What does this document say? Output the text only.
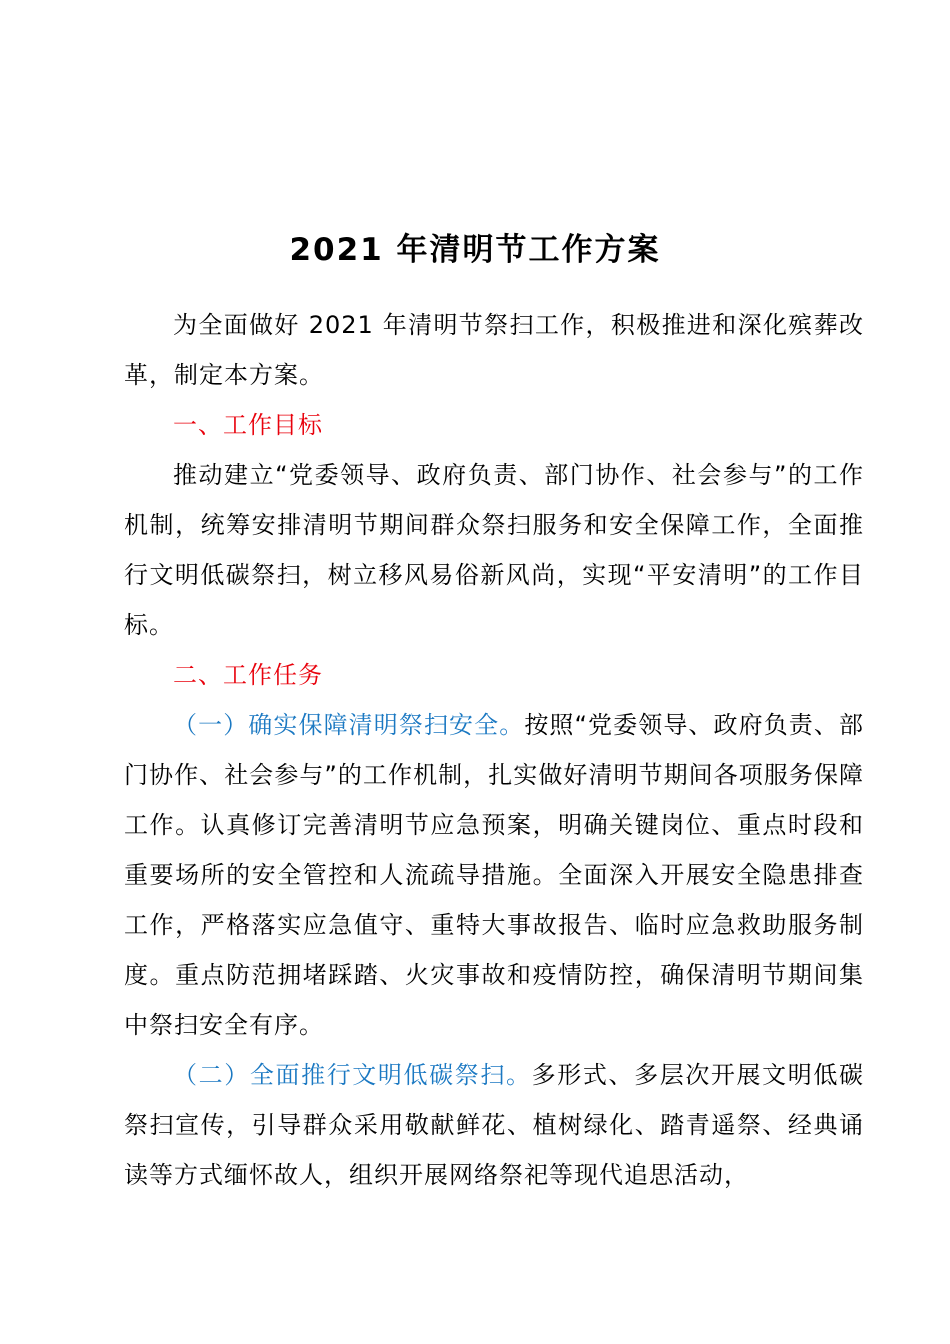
2021 年清明节工作方案

为全面做好 2021 年清明节祭扫工作，积极推进和深化殡葬改革，制定本方案。

一、工作目标

推动建立“党委领导、政府负责、部门协作、社会参与”的工作机制，统筹安排清明节期间群众祭扫服务和安全保障工作，全面推行文明低碳祭扫，树立移风易俗新风尚，实现“平安清明”的工作目标。

二、工作任务

（一）确实保障清明祭扫安全。按照“党委领导、政府负责、部门协作、社会参与”的工作机制，扎实做好清明节期间各项服务保障工作。认真修订完善清明节应急预案，明确关键岗位、重点时段和重要场所的安全管控和人流疏导措施。全面深入开展安全隐患排查工作，严格落实应急值守、重特大事故报告、临时应急救助服务制度。重点防范拥堵踩踏、火灾事故和疫情防控，确保清明节期间集中祭扫安全有序。

（二）全面推行文明低碳祭扫。多形式、多层次开展文明低碳祭扫宣传，引导群众采用敬献鲜花、植树绿化、踏青遥祭、经典诵读等方式缅怀故人，组织开展网络祭祀等现代追思活动，
